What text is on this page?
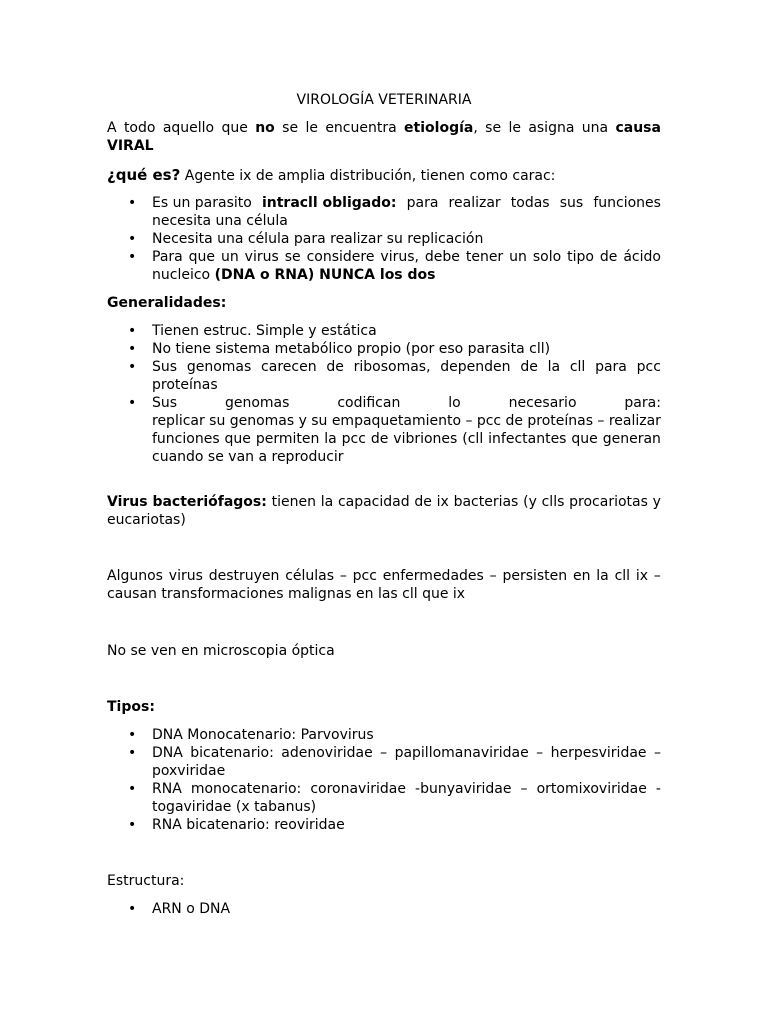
VIROLOGÍA VETERINARIA
A todo aquello que no se le encuentra etiología, se le asigna una causa
VIRAL
¿qué es? Agente ix de amplia distribución, tienen como carac:
• Es un parasito intracll obligado: para realizar todas sus funciones
necesita una célula
• Necesita una célula para realizar su replicación
• Para que un virus se considere virus, debe tener un solo tipo de ácido
nucleico (DNA o RNA) NUNCA los dos
Generalidades:
• Tienen estruc. Simple y estática
• No tiene sistema metabólico propio (por eso parasita cll)
• Sus genomas carecen de ribosomas, dependen de la cll para pcc
proteínas
• Sus	genomas	codifican	lo	necesario	para:
replicar su genomas y su empaquetamiento – pcc de proteínas – realizar
funciones que permiten la pcc de vibriones (cll infectantes que generan
cuando se van a reproducir
Virus bacteriófagos: tienen la capacidad de ix bacterias (y clls procariotas y
eucariotas)
Algunos virus destruyen células – pcc enfermedades – persisten en la cll ix –
causan transformaciones malignas en las cll que ix
No se ven en microscopia óptica
Tipos:
• DNA Monocatenario: Parvovirus
• DNA bicatenario: adenoviridae – papillomanaviridae – herpesviridae –
poxviridae
• RNA monocatenario: coronaviridae -bunyaviridae – ortomixoviridae -
togaviridae (x tabanus)
• RNA bicatenario: reoviridae
Estructura:
• ARN o DNA
